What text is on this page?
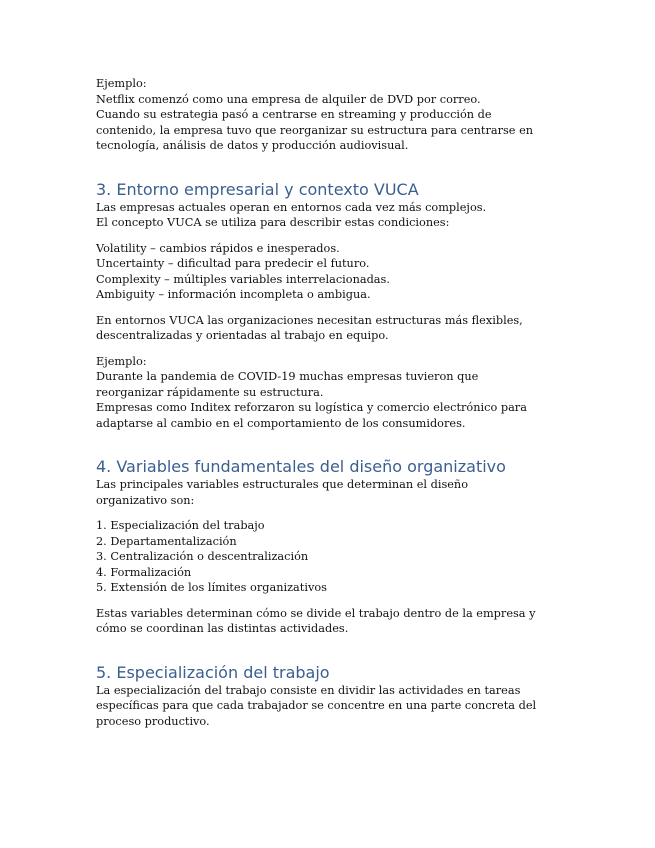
Ejemplo:
Netflix comenzó como una empresa de alquiler de DVD por correo.
Cuando su estrategia pasó a centrarse en streaming y producción de
contenido, la empresa tuvo que reorganizar su estructura para centrarse en
tecnología, análisis de datos y producción audiovisual.

3. Entorno empresarial y contexto VUCA

Las empresas actuales operan en entornos cada vez más complejos.
El concepto VUCA se utiliza para describir estas condiciones:

Volatility – cambios rápidos e inesperados.
Uncertainty – dificultad para predecir el futuro.
Complexity – múltiples variables interrelacionadas.
Ambiguity – información incompleta o ambigua.

En entornos VUCA las organizaciones necesitan estructuras más flexibles,
descentralizadas y orientadas al trabajo en equipo.

Ejemplo:
Durante la pandemia de COVID-19 muchas empresas tuvieron que
reorganizar rápidamente su estructura.
Empresas como Inditex reforzaron su logística y comercio electrónico para
adaptarse al cambio en el comportamiento de los consumidores.

4. Variables fundamentales del diseño organizativo

Las principales variables estructurales que determinan el diseño
organizativo son:

1. Especialización del trabajo
2. Departamentalización
3. Centralización o descentralización
4. Formalización
5. Extensión de los límites organizativos

Estas variables determinan cómo se divide el trabajo dentro de la empresa y
cómo se coordinan las distintas actividades.

5. Especialización del trabajo

La especialización del trabajo consiste en dividir las actividades en tareas
específicas para que cada trabajador se concentre en una parte concreta del
proceso productivo.
